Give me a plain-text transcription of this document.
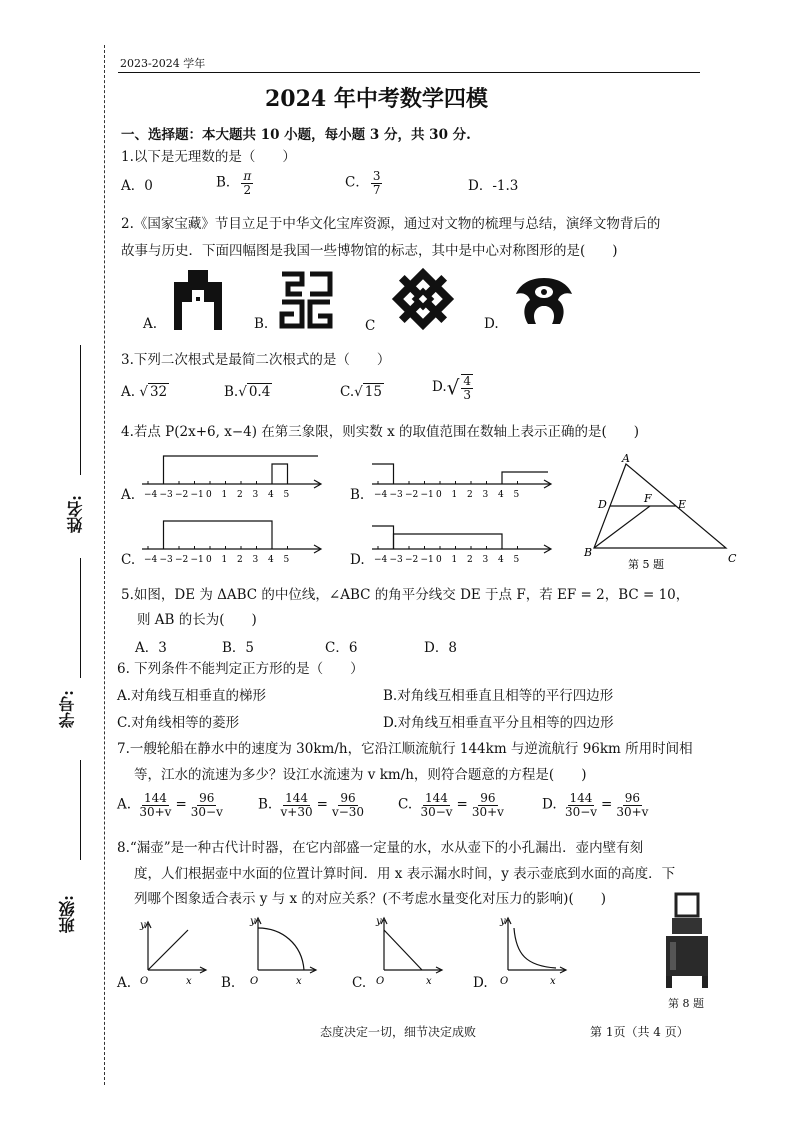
2023-2024 学年
2024 年中考数学四模
姓名:
学号:
班级:
一、选择题：本大题共 10 小题，每小题 3 分，共 30 分.
1.以下是无理数的是（　　）
A．0	B． $\frac{\pi}{2}$	C． $\frac{3}{7}$	D．-1.3
2.《国家宝藏》节目立足于中华文化宝库资源，通过对文物的梳理与总结，演绎文物背后的
故事与历史．下面四幅图是我国一些博物馆的标志，其中是中心对称图形的是(　　)
A.	B.	C	D.
3.下列二次根式是最简二次根式的是（　　）
A. √ 32	B.√ 0.4	C.√ 15	$D.√ \frac{4}{3}$
4.若点 P(2x+6, x−4) 在第三象限，则实数 x 的取值范围在数轴上表示正确的是(　　)
A.	B.
C.	D.
−4 −3 −2 −1 0 1 2 3 4 5	−4 −3 −2 −1 0 1 2 3 4 5
−4 −3 −2 −1 0 1 2 3 4 5	−4 −3 −2 −1 0 1 2 3 4 5
A
B	C
D	E
F
第 5 题
5.如图，DE 为 ΔABC 的中位线，∠ABC 的角平分线交 DE 于点 F，若 EF = 2，BC = 10，
则 AB 的长为(　　)
A．3	B．5	C．6	D．8
6. 下列条件不能判定正方形的是（　　）
A.对角线互相垂直的梯形	B.对角线互相垂直且相等的平行四边形
C.对角线相等的菱形	D.对角线互相垂直平分且相等的四边形
7.一艘轮船在静水中的速度为 30km/h，它沿江顺流航行 144km 与逆流航行 96km 所用时间相
等，江水的流速为多少？设江水流速为 v km/h，则符合题意的方程是(　　)
A. $\frac{144}{30+v} = \frac{96}{30-v} B$. $\frac{144}{v+30} = \frac{96}{v-30} C$. $\frac{144}{30-v} = \frac{96}{30+v}$	D. $\frac{144}{30-v} = \frac{96}{30+v}$
8.“漏壶”是一种古代计时器，在它内部盛一定量的水，水从壶下的小孔漏出．壶内壁有刻
度，人们根据壶中水面的位置计算时间．用 x 表示漏水时间，y 表示壶底到水面的高度．下
列哪个图象适合表示 y 与 x 的对应关系？(不考虑水量变化对压力的影响)(　　)
A.	B.	C.	D.
y
O	x
y
O	x
y
O	x
y
O	x
第 8 题
态度决定一切，细节决定成败	第 1页（共 4 页）
